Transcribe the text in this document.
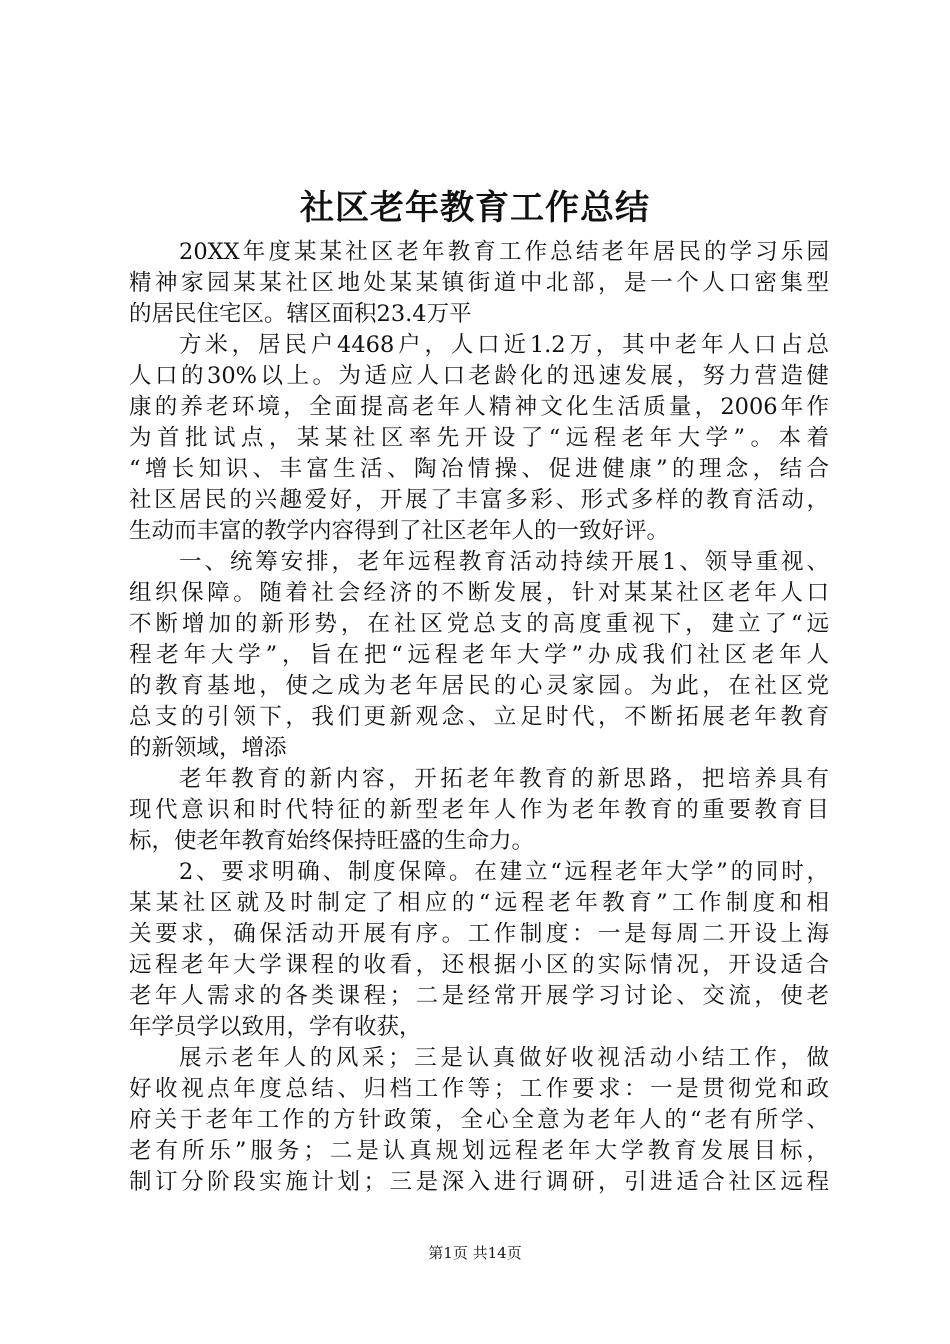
社区老年教育工作总结
20XX年度某某社区老年教育工作总结老年居民的学习乐园
精神家园某某社区地处某某镇街道中北部，是一个人口密集型
的居民住宅区。辖区面积23.4万平
方米，居民户4468户，人口近1.2万，其中老年人口占总
人口的30%以上。为适应人口老龄化的迅速发展，努力营造健
康的养老环境，全面提高老年人精神文化生活质量，2006年作
为首批试点，某某社区率先开设了“远程老年大学”。本着
“增长知识、丰富生活、陶冶情操、促进健康”的理念，结合
社区居民的兴趣爱好，开展了丰富多彩、形式多样的教育活动，
生动而丰富的教学内容得到了社区老年人的一致好评。
一、统筹安排，老年远程教育活动持续开展1、领导重视、
组织保障。随着社会经济的不断发展，针对某某社区老年人口
不断增加的新形势，在社区党总支的高度重视下，建立了“远
程老年大学”，旨在把“远程老年大学”办成我们社区老年人
的教育基地，使之成为老年居民的心灵家园。为此，在社区党
总支的引领下，我们更新观念、立足时代，不断拓展老年教育
的新领域，增添
老年教育的新内容，开拓老年教育的新思路，把培养具有
现代意识和时代特征的新型老年人作为老年教育的重要教育目
标，使老年教育始终保持旺盛的生命力。
2、要求明确、制度保障。在建立“远程老年大学”的同时，
某某社区就及时制定了相应的“远程老年教育”工作制度和相
关要求，确保活动开展有序。工作制度：一是每周二开设上海
远程老年大学课程的收看，还根据小区的实际情况，开设适合
老年人需求的各类课程；二是经常开展学习讨论、交流，使老
年学员学以致用，学有收获，
展示老年人的风采；三是认真做好收视活动小结工作，做
好收视点年度总结、归档工作等；工作要求：一是贯彻党和政
府关于老年工作的方针政策，全心全意为老年人的“老有所学、
老有所乐”服务；二是认真规划远程老年大学教育发展目标，
制订分阶段实施计划；三是深入进行调研，引进适合社区远程
第1页 共14页
